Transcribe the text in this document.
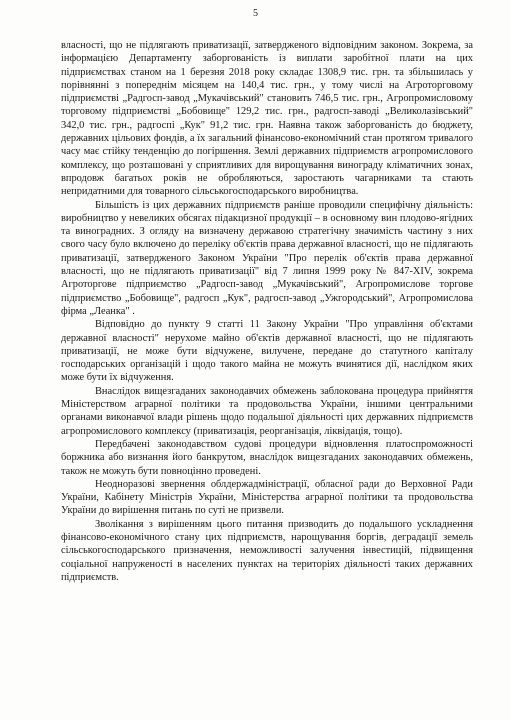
5

власності, що не підлягають приватизації, затвердженого відповідним законом. Зокрема, за інформацією Департаменту заборгованість із виплати заробітної плати на цих підприємствах станом на 1 березня 2018 року складає 1308,9 тис. грн. та збільшилась у порівнянні з попереднім місяцем на 140,4 тис. грн., у тому числі на Агроторговому підприємстві „Радгосп-завод „Мукачівський" становить 746,5 тис. грн., Агропромисловому торговому підприємстві „Бобовище" 129,2 тис. грн., радгосп-заводі „Великолазівський" 342,0 тис. грн., радгоспі „Кук" 91,2 тис. грн. Наявна також заборгованість до бюджету, державних цільових фондів, а їх загальний фінансово-економічний стан протягом тривалого часу має стійку тенденцію до погіршення. Землі державних підприємств агропромислового комплексу, що розташовані у сприятливих для вирощування винограду кліматичних зонах, впродовж багатьох років не обробляються, заростають чагарниками та стають непридатними для товарного сільськогосподарського виробництва.

Більшість із цих державних підприємств раніше проводили специфічну діяльність: виробництво у невеликих обсягах підакцизної продукції – в основному вин плодово-ягідних та виноградних. З огляду на визначену державою стратегічну значимість частину з них свого часу було включено до переліку об'єктів права державної власності, що не підлягають приватизації, затвердженого Законом України "Про перелік об'єктів права державної власності, що не підлягають приватизації" від 7 липня 1999 року № 847-XIV, зокрема Агроторгове підприємство „Радгосп-завод „Мукачівський", Агропромислове торгове підприємство „Бобовище", радгосп „Кук", радгосп-завод „Ужгородський", Агропромислова фірма „Леанка" .

Відповідно до пункту 9 статті 11 Закону України "Про управління об'єктами державної власності" нерухоме майно об'єктів державної власності, що не підлягають приватизації, не може бути відчужене, вилучене, передане до статутного капіталу господарських організацій і щодо такого майна не можуть вчинятися дії, наслідком яких може бути їх відчуження.

Внаслідок вищезгаданих законодавчих обмежень заблокована процедура прийняття Міністерством аграрної політики та продовольства України, іншими центральними органами виконавчої влади рішень щодо подальшої діяльності цих державних підприємств агропромислового комплексу (приватизація, реорганізація, ліквідація, тощо).

Передбачені законодавством судові процедури відновлення платоспроможності боржника або визнання його банкрутом, внаслідок вищезгаданих законодавчих обмежень, також не можуть бути повноцінно проведені.

Неодноразові звернення облдержадміністрації, обласної ради до Верховної Ради України, Кабінету Міністрів України, Міністерства аграрної політики та продовольства України до вирішення питань по суті не призвели.

Зволікання з вирішенням цього питання призводить до подальшого ускладнення фінансово-економічного стану цих підприємств, нарощування боргів, деградації земель сільськогосподарського призначення, неможливості залучення інвестицій, підвищення соціальної напруженості в населених пунктах на територіях діяльності таких державних підприємств.
